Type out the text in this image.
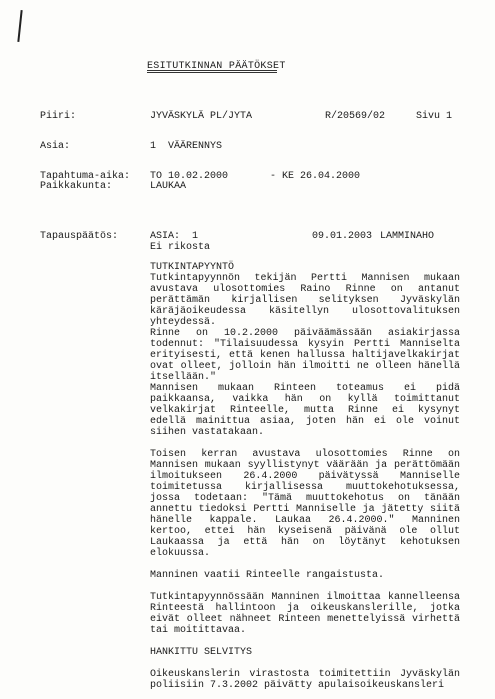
ESITUTKINNAN PÄÄTÖKSET
Piiri:	JYVÄSKYLÄ PL/JYTA	R/20569/02	Sivu 1
Asia:	1  VÄÄRENNYS
Tapahtuma-aika: TO 10.02.2000	- KE 26.04.2000
Paikkakunta:	LAUKAA
Tapauspäätös:	ASIA:  1	09.01.2003 LAMMINAHO
Ei rikosta

TUTKINTAPYYNTÖ

Tutkintapyynnön tekijän Pertti Mannisen mukaan avustava ulosottomies Raino Rinne on antanut perättämän kirjallisen selityksen Jyväskylän käräjäoikeudessa käsitellyn ulosottovalituksen yhteydessä.

Rinne on 10.2.2000 päiväämässään asiakirjassa todennut: "Tilaisuudessa kysyin Pertti Manniselta erityisesti, että kenen hallussa haltijavelkakirjat ovat olleet, jolloin hän ilmoitti ne olleen hänellä itsellään."

Mannisen mukaan Rinteen toteamus ei pidä paikkaansa, vaikka hän on kyllä toimittanut velkakirjat Rinteelle, mutta Rinne ei kysynyt edellä mainittua asiaa, joten hän ei ole voinut siihen vastatakaan.

Toisen kerran avustava ulosottomies Rinne on Mannisen mukaan syyllistynyt väärään ja perättömään ilmoitukseen 26.4.2000 päivätyssä Manniselle toimitetussa kirjallisessa muuttokehotuksessa, jossa todetaan: "Tämä muuttokehotus on tänään annettu tiedoksi Pertti Manniselle ja jätetty siitä hänelle kappale. Laukaa 26.4.2000." Manninen kertoo, ettei hän kyseisenä päivänä ole ollut Laukaassa ja että hän on löytänyt kehotuksen elokuussa.

Manninen vaatii Rinteelle rangaistusta.

Tutkintapyynnössään Manninen ilmoittaa kannelleensa Rinteestä hallintoon ja oikeuskanslerille, jotka eivät olleet nähneet Rinteen menettelyissä virhettä tai moitittavaa.

HANKITTU SELVITYS

Oikeuskanslerin virastosta toimitettiin Jyväskylän poliisiin 7.3.2002 päivätty apulaisoikeuskansleri
